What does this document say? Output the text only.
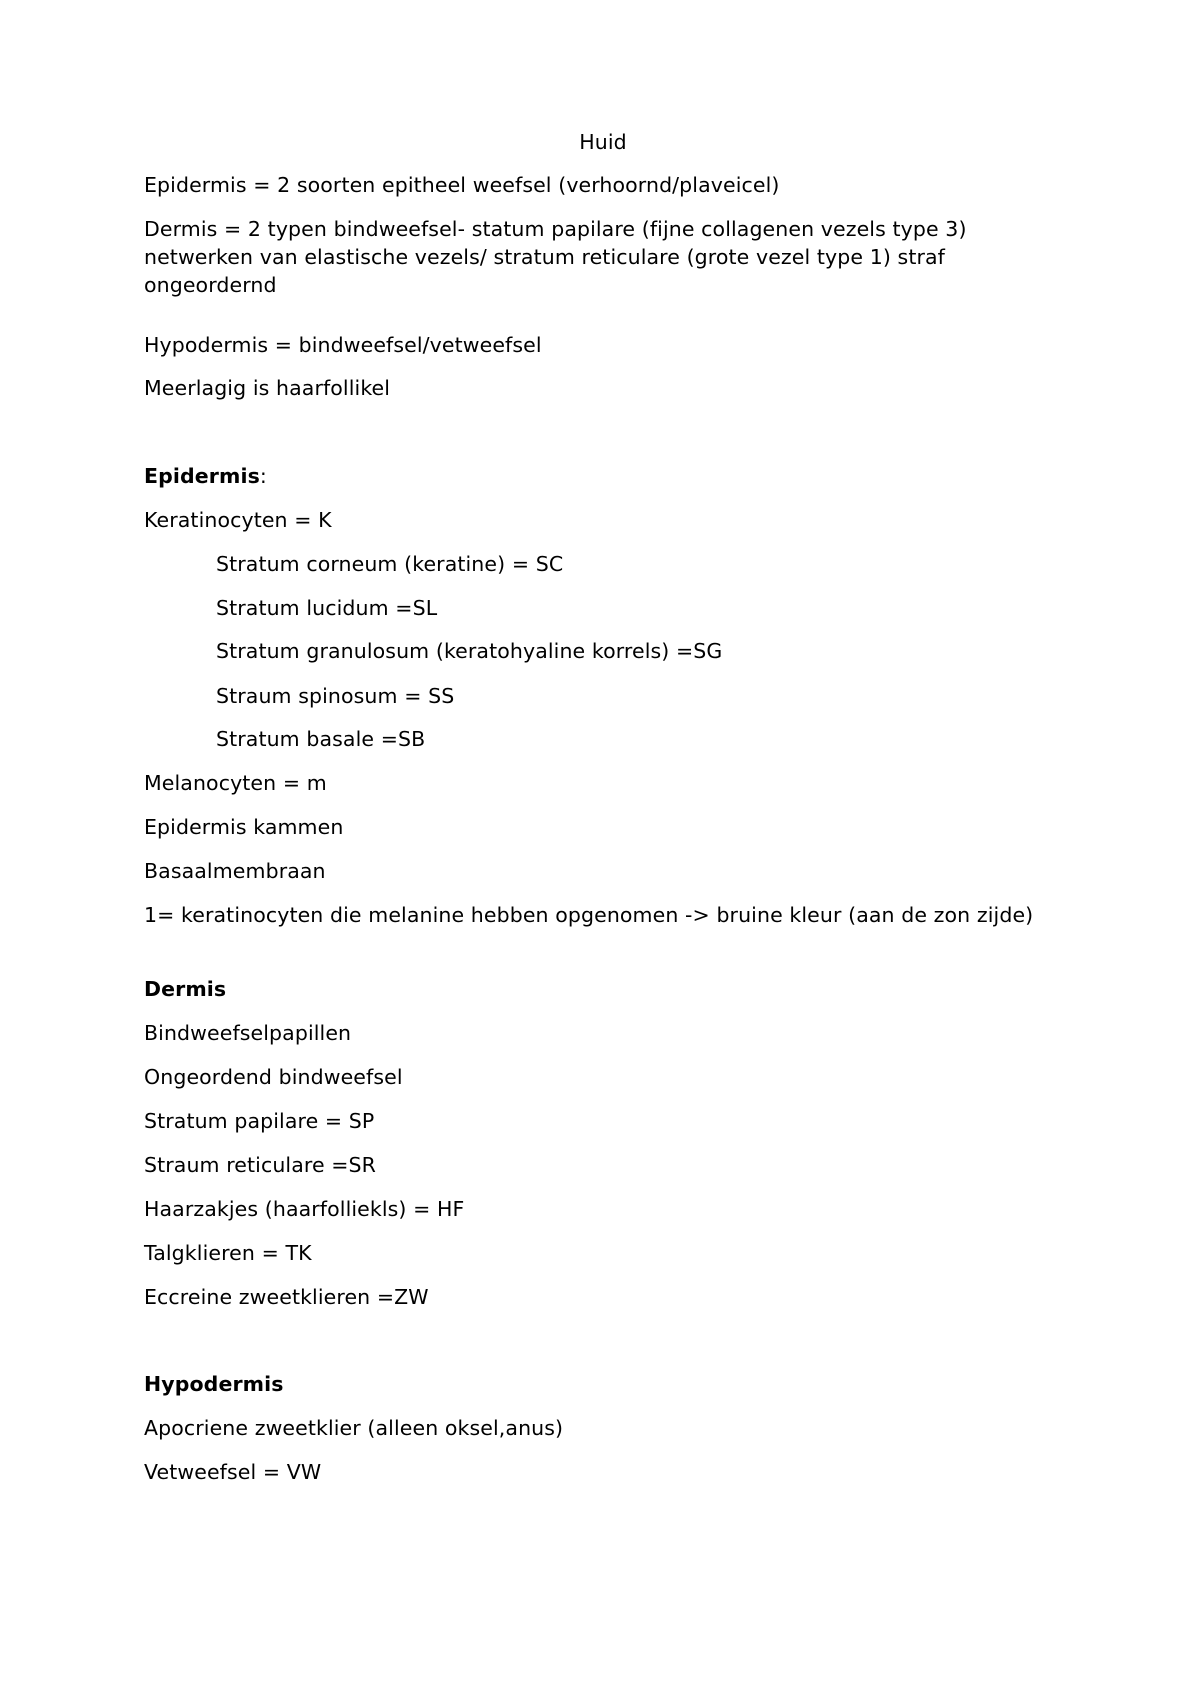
Huid
Epidermis = 2 soorten epitheel weefsel (verhoornd/plaveicel)
Dermis = 2 typen bindweefsel- statum papilare (fijne collagenen vezels type 3) netwerken van elastische vezels/ stratum reticulare (grote vezel type 1) straf ongeordernd
Hypodermis = bindweefsel/vetweefsel
Meerlagig is haarfollikel
Epidermis:
Keratinocyten = K
Stratum corneum (keratine) = SC
Stratum lucidum =SL
Stratum granulosum (keratohyaline korrels) =SG
Straum spinosum = SS
Stratum basale =SB
Melanocyten = m
Epidermis kammen
Basaalmembraan
1= keratinocyten die melanine hebben opgenomen -> bruine kleur (aan de zon zijde)
Dermis
Bindweefselpapillen
Ongeordend bindweefsel
Stratum papilare = SP
Straum reticulare =SR
Haarzakjes (haarfolliekls) = HF
Talgklieren = TK
Eccreine zweetklieren =ZW
Hypodermis
Apocriene zweetklier (alleen oksel,anus)
Vetweefsel = VW
